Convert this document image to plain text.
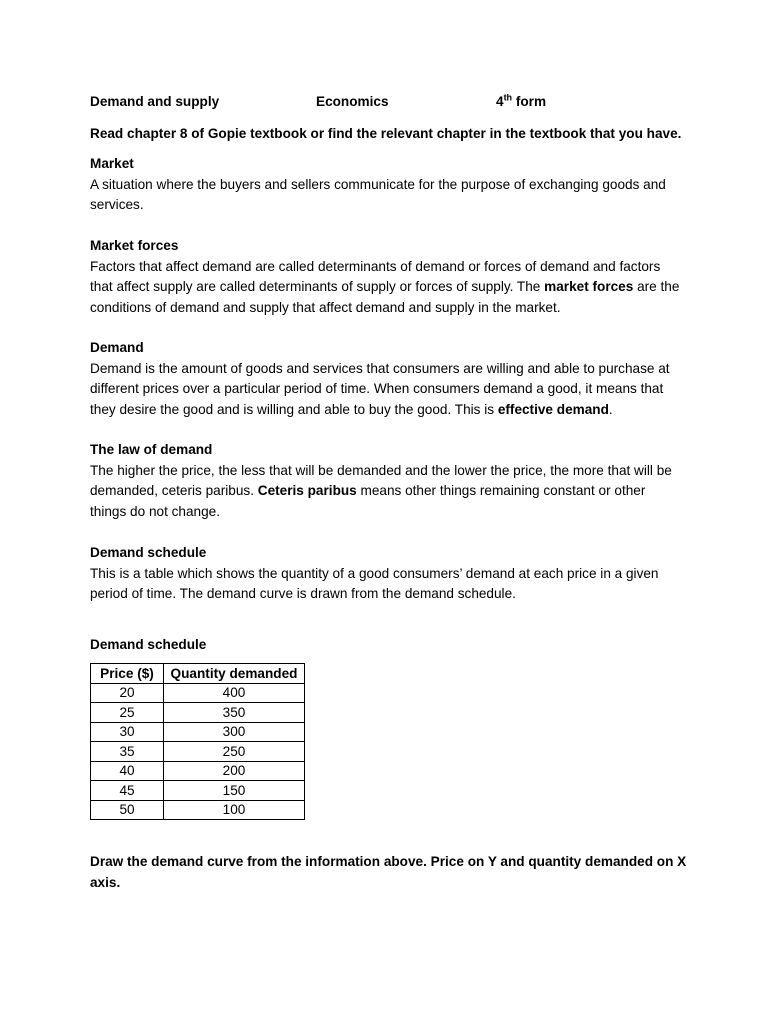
Demand and supply	Economics	4th form
Read chapter 8 of Gopie textbook or find the relevant chapter in the textbook that you have.
Market
A situation where the buyers and sellers communicate for the purpose of exchanging goods and services.
Market forces
Factors that affect demand are called determinants of demand or forces of demand and factors that affect supply are called determinants of supply or forces of supply. The market forces are the conditions of demand and supply that affect demand and supply in the market.
Demand
Demand is the amount of goods and services that consumers are willing and able to purchase at different prices over a particular period of time. When consumers demand a good, it means that they desire the good and is willing and able to buy the good. This is effective demand.
The law of demand
The higher the price, the less that will be demanded and the lower the price, the more that will be demanded, ceteris paribus. Ceteris paribus means other things remaining constant or other things do not change.
Demand schedule
This is a table which shows the quantity of a good consumers’ demand at each price in a given period of time. The demand curve is drawn from the demand schedule.
Demand schedule
Price ($)	Quantity demanded
20	400
25	350
30	300
35	250
40	200
45	150
50	100
Draw the demand curve from the information above. Price on Y and quantity demanded on X axis.
